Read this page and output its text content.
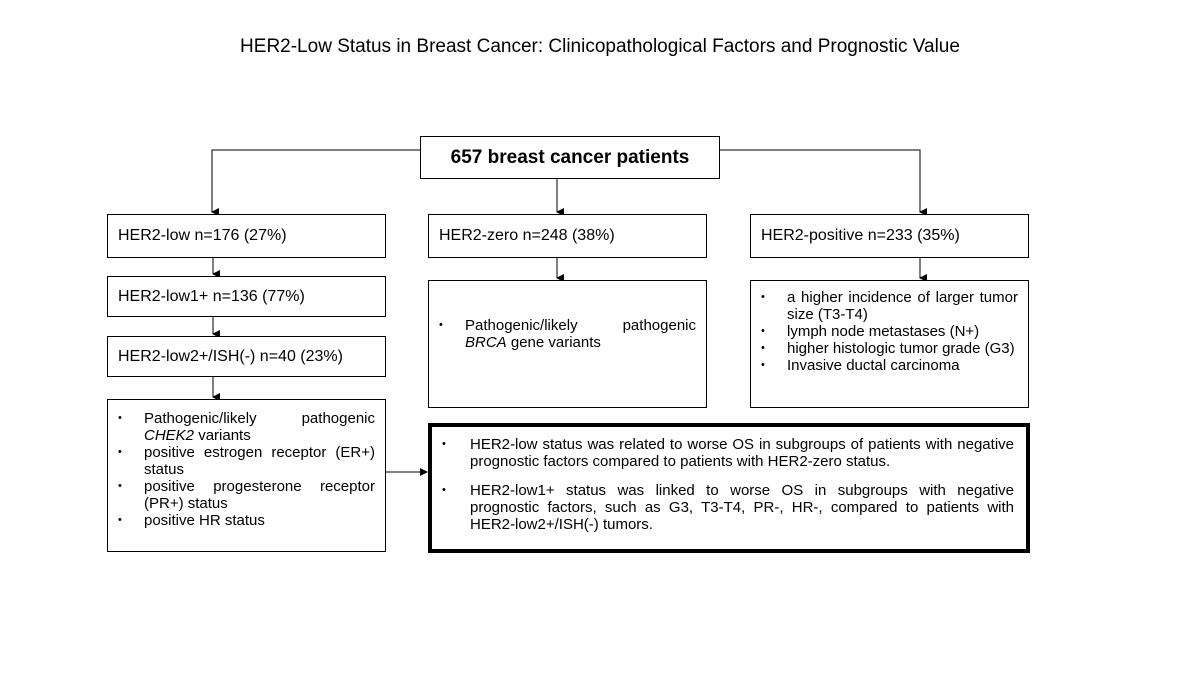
HER2-Low Status in Breast Cancer: Clinicopathological Factors and Prognostic Value
657 breast cancer patients
HER2-low n=176 (27%)
HER2-low1+ n=136 (77%)
HER2-low2+/ISH(-) n=40 (23%)
• Pathogenic/likely pathogenic CHEK2 variants
• positive estrogen receptor (ER+) status
• positive progesterone receptor (PR+) status
• positive HR status
HER2-zero n=248 (38%)
• Pathogenic/likely pathogenic BRCA gene variants
HER2-positive n=233 (35%)
• a higher incidence of larger tumor size (T3-T4)
• lymph node metastases (N+)
• higher histologic tumor grade (G3)
• Invasive ductal carcinoma
• HER2-low status was related to worse OS in subgroups of patients with negative prognostic factors compared to patients with HER2-zero status.
• HER2-low1+ status was linked to worse OS in subgroups with negative prognostic factors, such as G3, T3-T4, PR-, HR-, compared to patients with HER2-low2+/ISH(-) tumors.
